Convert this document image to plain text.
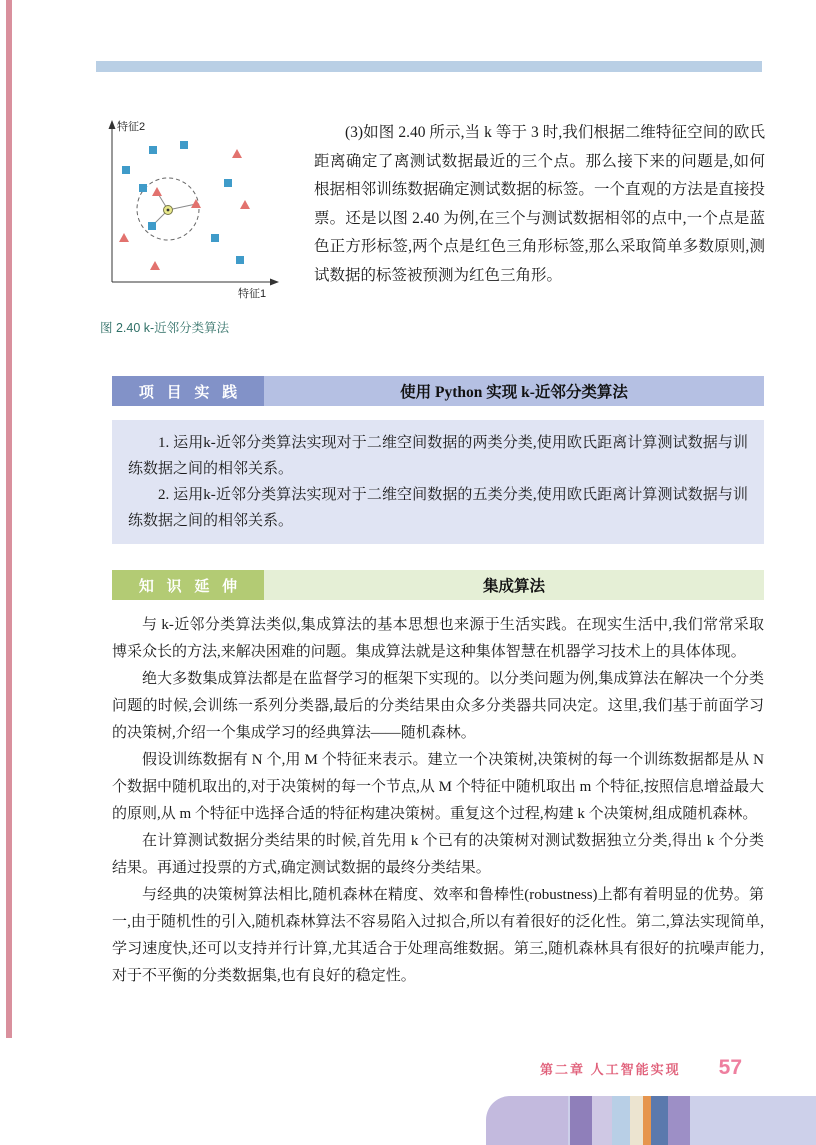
特征2
特征1
图 2.40 k-近邻分类算法
(3)如图 2.40 所示,当 k 等于 3 时,我们根据二维特征空间的欧氏距离确定了离测试数据最近的三个点。那么接下来的问题是,如何根据相邻训练数据确定测试数据的标签。一个直观的方法是直接投票。还是以图 2.40 为例,在三个与测试数据相邻的点中,一个点是蓝色正方形标签,两个点是红色三角形标签,那么采取简单多数原则,测试数据的标签被预测为红色三角形。
项目实践	使用 Python 实现 k-近邻分类算法

1. 运用k-近邻分类算法实现对于二维空间数据的两类分类,使用欧氏距离计算测试数据与训练数据之间的相邻关系。

2. 运用k-近邻分类算法实现对于二维空间数据的五类分类,使用欧氏距离计算测试数据与训练数据之间的相邻关系。

知识延伸	集成算法

与 k-近邻分类算法类似,集成算法的基本思想也来源于生活实践。在现实生活中,我们常常采取博采众长的方法,来解决困难的问题。集成算法就是这种集体智慧在机器学习技术上的具体体现。

绝大多数集成算法都是在监督学习的框架下实现的。以分类问题为例,集成算法在解决一个分类问题的时候,会训练一系列分类器,最后的分类结果由众多分类器共同决定。这里,我们基于前面学习的决策树,介绍一个集成学习的经典算法——随机森林。

假设训练数据有 N 个,用 M 个特征来表示。建立一个决策树,决策树的每一个训练数据都是从 N 个数据中随机取出的,对于决策树的每一个节点,从 M 个特征中随机取出 m 个特征,按照信息增益最大的原则,从 m 个特征中选择合适的特征构建决策树。重复这个过程,构建 k 个决策树,组成随机森林。

在计算测试数据分类结果的时候,首先用 k 个已有的决策树对测试数据独立分类,得出 k 个分类结果。再通过投票的方式,确定测试数据的最终分类结果。

与经典的决策树算法相比,随机森林在精度、效率和鲁棒性(robustness)上都有着明显的优势。第一,由于随机性的引入,随机森林算法不容易陷入过拟合,所以有着很好的泛化性。第二,算法实现简单,学习速度快,还可以支持并行计算,尤其适合于处理高维数据。第三,随机森林具有很好的抗噪声能力,对于不平衡的分类数据集,也有良好的稳定性。

第二章 人工智能实现 57
